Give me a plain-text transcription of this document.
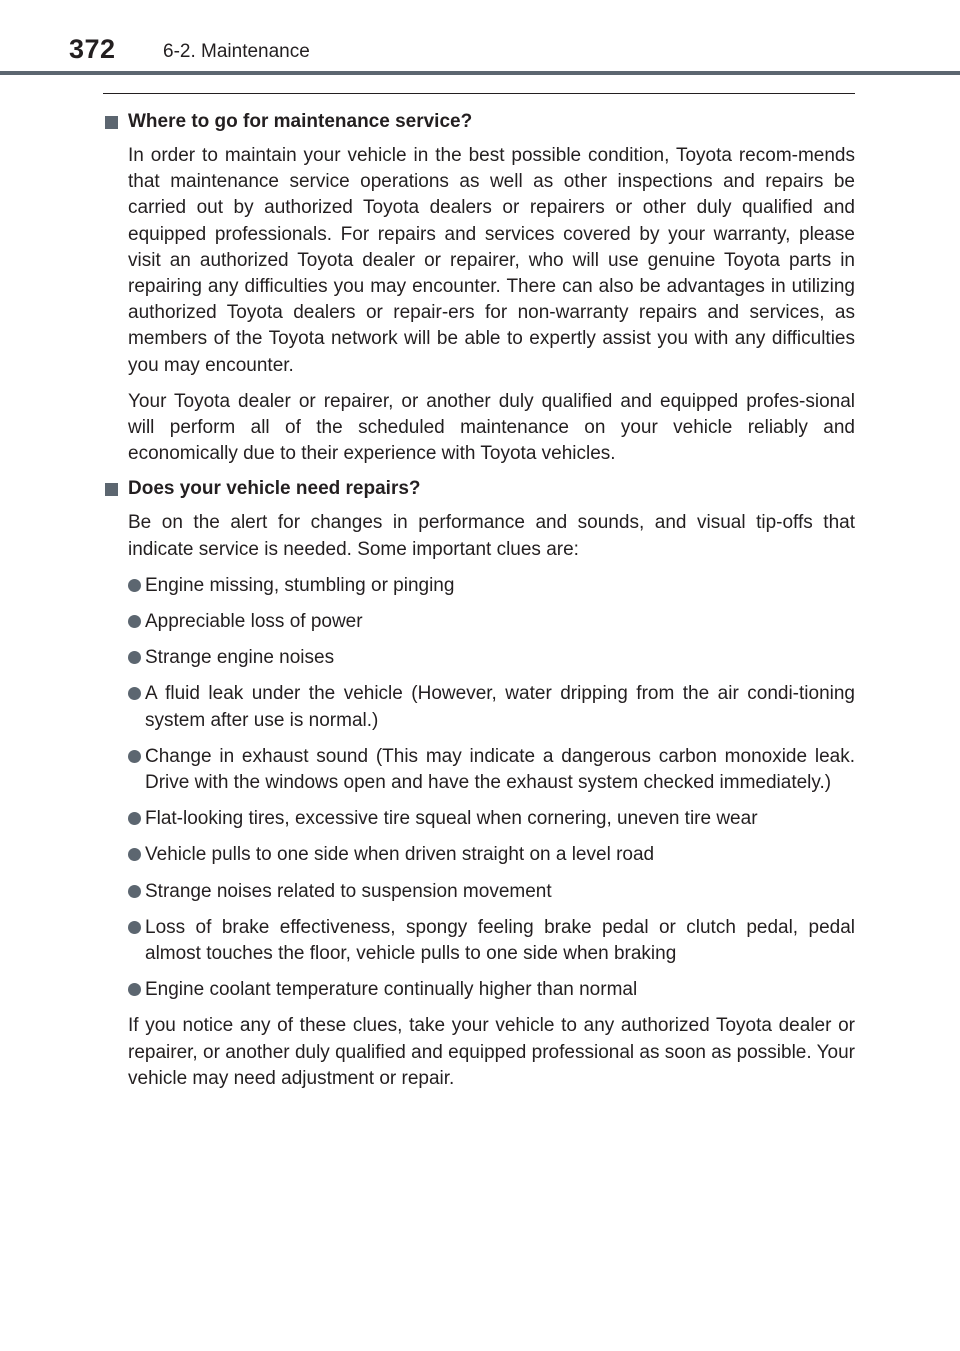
372 6-2. Maintenance
Where to go for maintenance service?
In order to maintain your vehicle in the best possible condition, Toyota recom-mends that maintenance service operations as well as other inspections and repairs be carried out by authorized Toyota dealers or repairers or other duly qualified and equipped professionals. For repairs and services covered by your warranty, please visit an authorized Toyota dealer or repairer, who will use genuine Toyota parts in repairing any difficulties you may encounter. There can also be advantages in utilizing authorized Toyota dealers or repair-ers for non-warranty repairs and services, as members of the Toyota network will be able to expertly assist you with any difficulties you may encounter.
Your Toyota dealer or repairer, or another duly qualified and equipped profes-sional will perform all of the scheduled maintenance on your vehicle reliably and economically due to their experience with Toyota vehicles.
Does your vehicle need repairs?
Be on the alert for changes in performance and sounds, and visual tip-offs that indicate service is needed. Some important clues are:
Engine missing, stumbling or pinging
Appreciable loss of power
Strange engine noises
A fluid leak under the vehicle (However, water dripping from the air condi-tioning system after use is normal.)
Change in exhaust sound (This may indicate a dangerous carbon monoxide leak. Drive with the windows open and have the exhaust system checked immediately.)
Flat-looking tires, excessive tire squeal when cornering, uneven tire wear
Vehicle pulls to one side when driven straight on a level road
Strange noises related to suspension movement
Loss of brake effectiveness, spongy feeling brake pedal or clutch pedal, pedal almost touches the floor, vehicle pulls to one side when braking
Engine coolant temperature continually higher than normal
If you notice any of these clues, take your vehicle to any authorized Toyota dealer or repairer, or another duly qualified and equipped professional as soon as possible. Your vehicle may need adjustment or repair.
